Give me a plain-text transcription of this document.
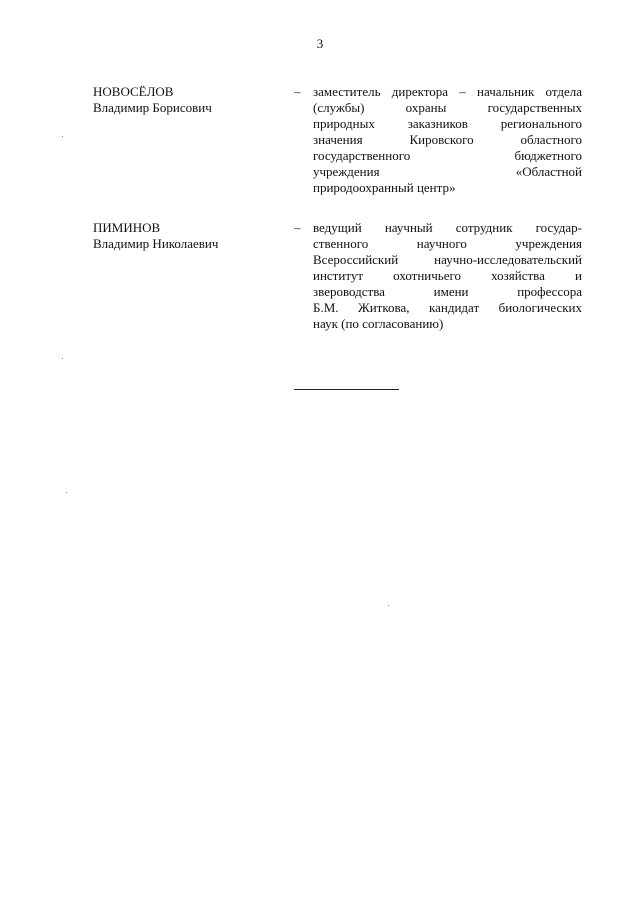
3
НОВОСЁЛОВ
Владимир Борисович
– заместитель директора – начальник отдела
(службы) охраны государственных
природных заказников регионального
значения Кировского областного
государственного бюджетного
учреждения «Областной
природоохранный центр»
ПИМИНОВ
Владимир Николаевич
– ведущий научный сотрудник государ-
ственного научного учреждения
Всероссийский научно-исследовательский
институт охотничьего хозяйства и
звероводства имени профессора
Б.М. Житкова, кандидат биологических
наук (по согласованию)
